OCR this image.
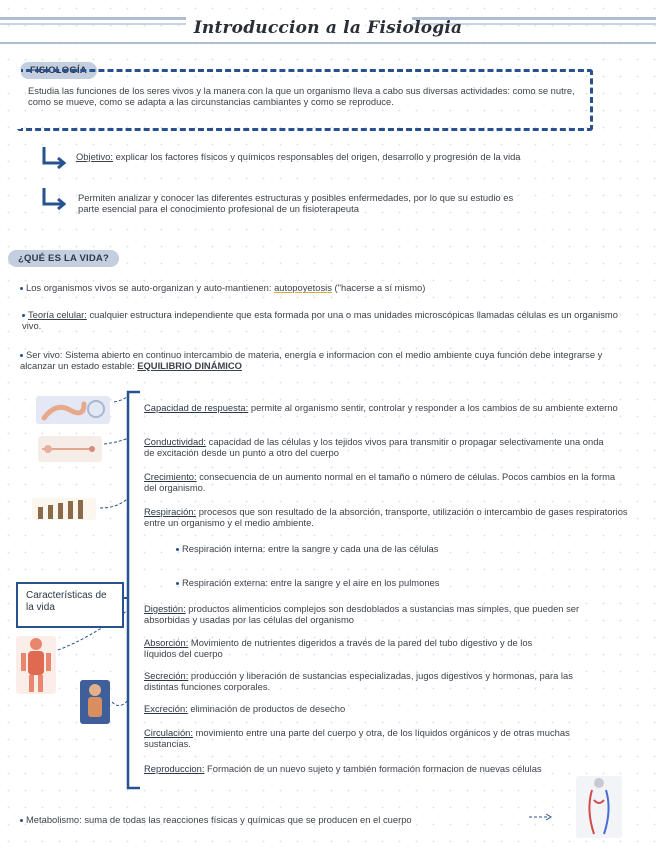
Introduccion a la Fisiologia
FISIOLOGÍA
Estudia las funciones de los seres vivos y la manera con la que un organismo lleva a cabo sus diversas actividades: como se nutre, como se mueve, como se adapta a las circunstancias cambiantes y como se reproduce.
Objetivo: explicar los factores físicos y químicos responsables del origen, desarrollo y progresión de la vida
Permiten analizar y conocer las diferentes estructuras y posibles enfermedades, por lo que su estudio es parte esencial para el conocimiento profesional de un fisioterapeuta
¿QUÉ ES LA VIDA?
Los organismos vivos se auto-organizan y auto-mantienen: autopoyetosis ("hacerse a sí mismo)
Teoría celular: cualquier estructura independiente que esta formada por una o mas unidades microscópicas llamadas células es un organismo vivo.
Ser vivo: Sistema abierto en continuo intercambio de materia, energía e informacion con el medio ambiente cuya función debe integrarse y alcanzar un estado estable: EQUILIBRIO DINÁMICO
Características de la vida
Capacidad de respuesta: permite al organismo sentir, controlar y responder a los cambios de su ambiente externo
Conductividad: capacidad de las células y los tejidos vivos para transmitir o propagar selectivamente una onda de excitación desde un punto a otro del cuerpo
Crecimiento: consecuencia de un aumento normal en el tamaño o número de células. Pocos cambios en la forma del organismo.
Respiración: procesos que son resultado de la absorción, transporte, utilización o intercambio de gases respiratorios entre un organismo y el medio ambiente.
Respiración interna: entre la sangre y cada una de las células
Respiración externa: entre la sangre y el aire en los pulmones
Digestión: productos alimenticios complejos son desdoblados a sustancias mas simples, que pueden ser absorbidas y usadas por las células del organismo
Absorción: Movimiento de nutrientes digeridos a través de la pared del tubo digestivo y de los líquidos del cuerpo
Secreción: producción y liberación de sustancias especializadas, jugos digestivos y hormonas, para las distintas funciones corporales.
Excreción: eliminación de productos de desecho
Circulación: movimiento entre una parte del cuerpo y otra, de los líquidos orgánicos y de otras muchas sustancias.
Reproduccion: Formación de un nuevo sujeto y también formación formacion de nuevas células
Metabolismo: suma de todas las reacciones físicas y químicas que se producen en el cuerpo
